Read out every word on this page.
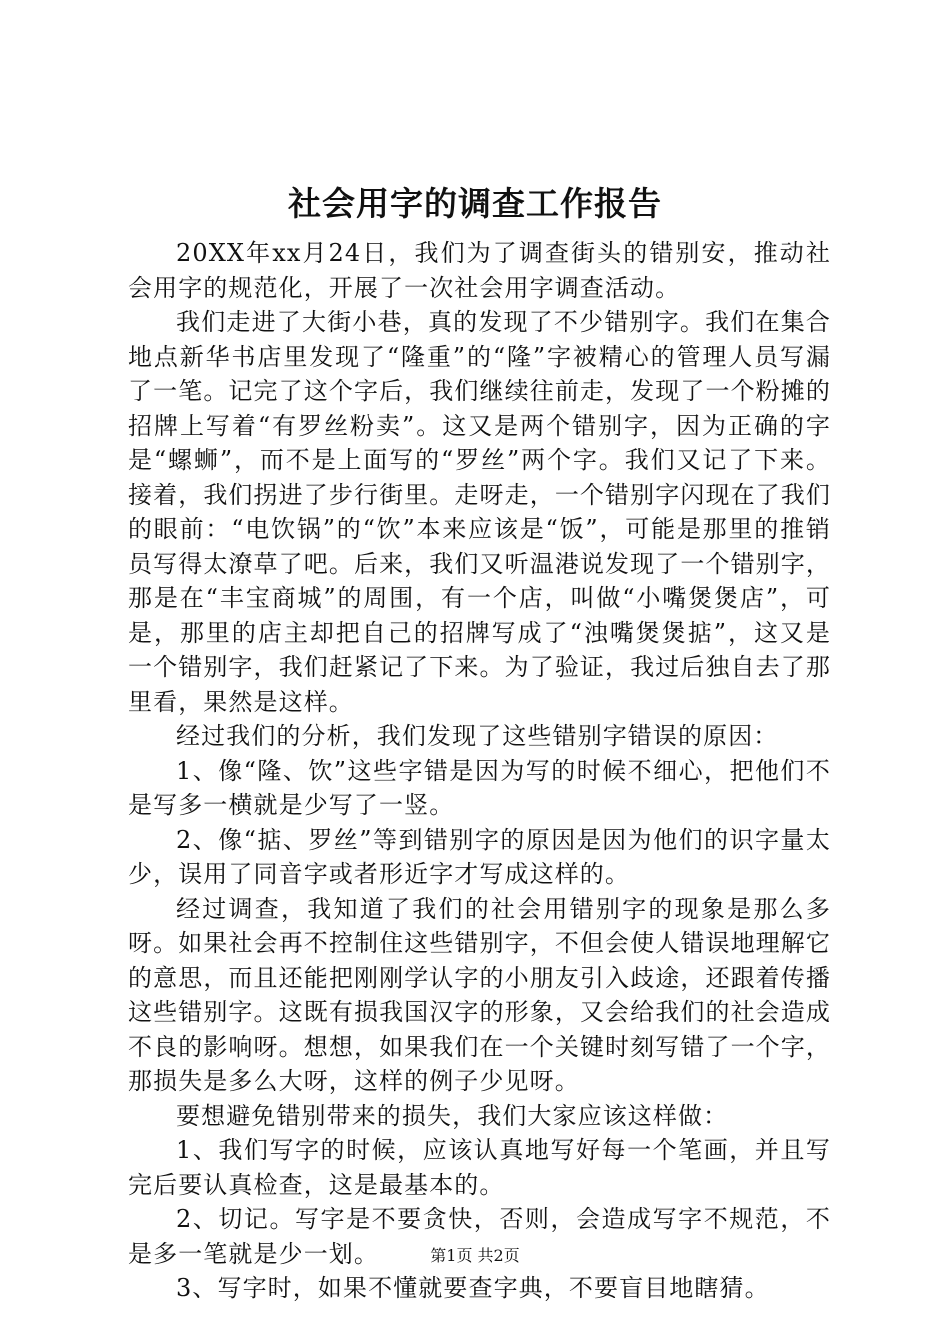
社会用字的调查工作报告

20XX年xx月24日，我们为了调查街头的错别安，推动社会用字的规范化，开展了一次社会用字调查活动。

我们走进了大街小巷，真的发现了不少错别字。我们在集合地点新华书店里发现了“隆重”的“隆”字被精心的管理人员写漏了一笔。记完了这个字后，我们继续往前走，发现了一个粉摊的招牌上写着“有罗丝粉卖”。这又是两个错别字，因为正确的字是“螺蛳”，而不是上面写的“罗丝”两个字。我们又记了下来。接着，我们拐进了步行街里。走呀走，一个错别字闪现在了我们的眼前：“电饮锅”的“饮”本来应该是“饭”，可能是那里的推销员写得太潦草了吧。后来，我们又听温港说发现了一个错别字，那是在“丰宝商城”的周围，有一个店，叫做“小嘴煲煲店”，可是，那里的店主却把自己的招牌写成了“浊嘴煲煲掂”，这又是一个错别字，我们赶紧记了下来。为了验证，我过后独自去了那里看，果然是这样。

经过我们的分析，我们发现了这些错别字错误的原因：

1、像“隆、饮”这些字错是因为写的时候不细心，把他们不是写多一横就是少写了一竖。

2、像“掂、罗丝”等到错别字的原因是因为他们的识字量太少，误用了同音字或者形近字才写成这样的。

经过调查，我知道了我们的社会用错别字的现象是那么多呀。如果社会再不控制住这些错别字，不但会使人错误地理解它的意思，而且还能把刚刚学认字的小朋友引入歧途，还跟着传播这些错别字。这既有损我国汉字的形象，又会给我们的社会造成不良的影响呀。想想，如果我们在一个关键时刻写错了一个字，那损失是多么大呀，这样的例子少见呀。

要想避免错别带来的损失，我们大家应该这样做：

1、我们写字的时候，应该认真地写好每一个笔画，并且写完后要认真检查，这是最基本的。

2、切记。写字是不要贪快，否则，会造成写字不规范，不是多一笔就是少一划。

3、写字时，如果不懂就要查字典，不要盲目地瞎猜。

第1页 共2页
